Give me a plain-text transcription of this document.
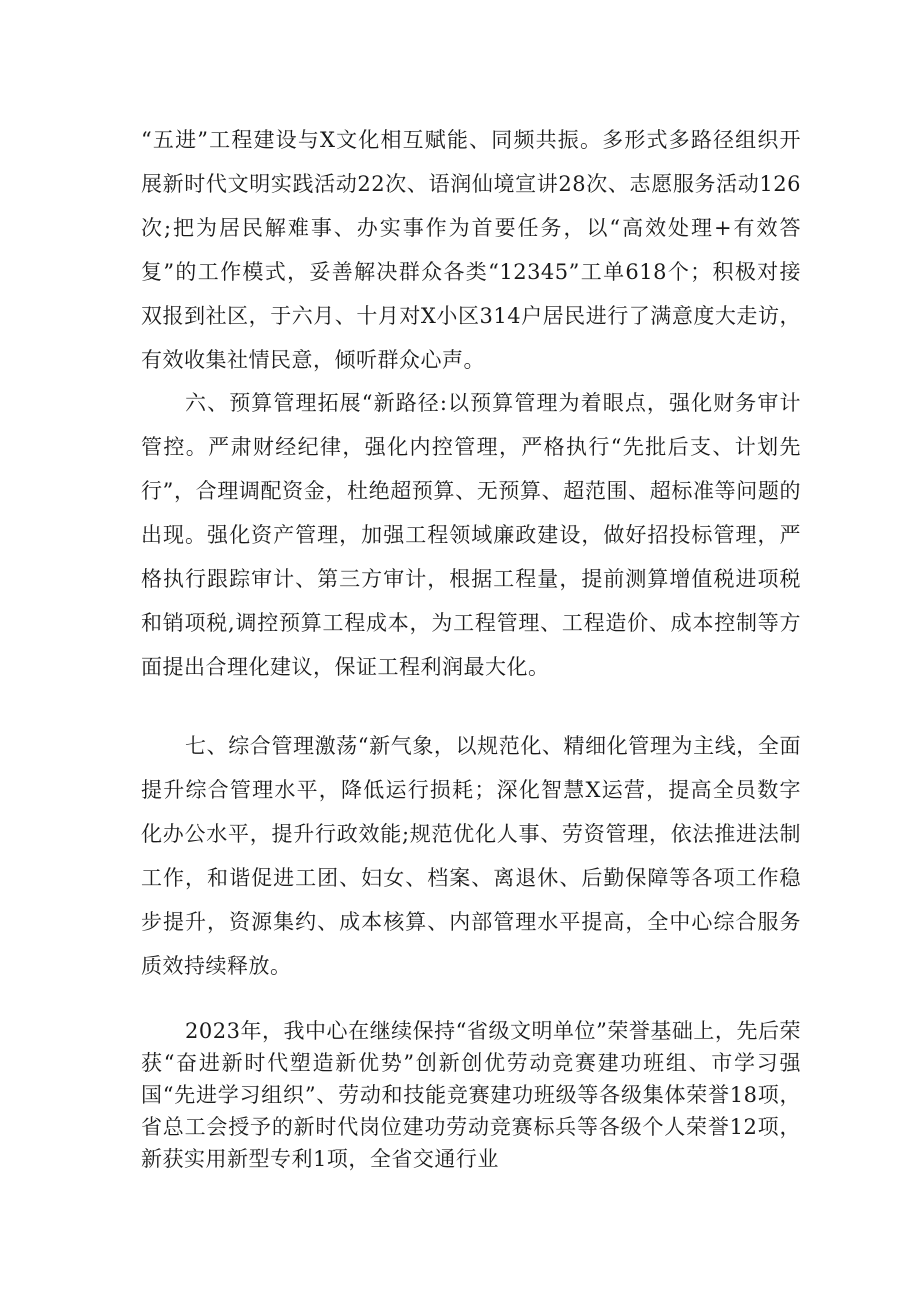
“五进”工程建设与X文化相互赋能、同频共振。多形式多路径组织开展新时代文明实践活动22次、语润仙境宣讲28次、志愿服务活动126次;把为居民解难事、办实事作为首要任务，以“高效处理+有效答复”的工作模式，妥善解决群众各类“12345”工单618个；积极对接双报到社区，于六月、十月对X小区314户居民进行了满意度大走访，有效收集社情民意，倾听群众心声。

六、预算管理拓展“新路径:以预算管理为着眼点，强化财务审计管控。严肃财经纪律，强化内控管理，严格执行“先批后支、计划先行”，合理调配资金，杜绝超预算、无预算、超范围、超标准等问题的出现。强化资产管理，加强工程领域廉政建设，做好招投标管理，严格执行跟踪审计、第三方审计，根据工程量，提前测算增值税进项税和销项税,调控预算工程成本，为工程管理、工程造价、成本控制等方面提出合理化建议，保证工程利润最大化。

七、综合管理激荡“新气象，以规范化、精细化管理为主线，全面提升综合管理水平，降低运行损耗；深化智慧X运营，提高全员数字化办公水平，提升行政效能;规范优化人事、劳资管理，依法推进法制工作，和谐促进工团、妇女、档案、离退休、后勤保障等各项工作稳步提升，资源集约、成本核算、内部管理水平提高，全中心综合服务质效持续释放。

2023年，我中心在继续保持“省级文明单位”荣誉基础上，先后荣获“奋进新时代塑造新优势”创新创优劳动竞赛建功班组、市学习强国“先进学习组织”、劳动和技能竞赛建功班级等各级集体荣誉18项，省总工会授予的新时代岗位建功劳动竞赛标兵等各级个人荣誉12项，新获实用新型专利1项，全省交通行业
